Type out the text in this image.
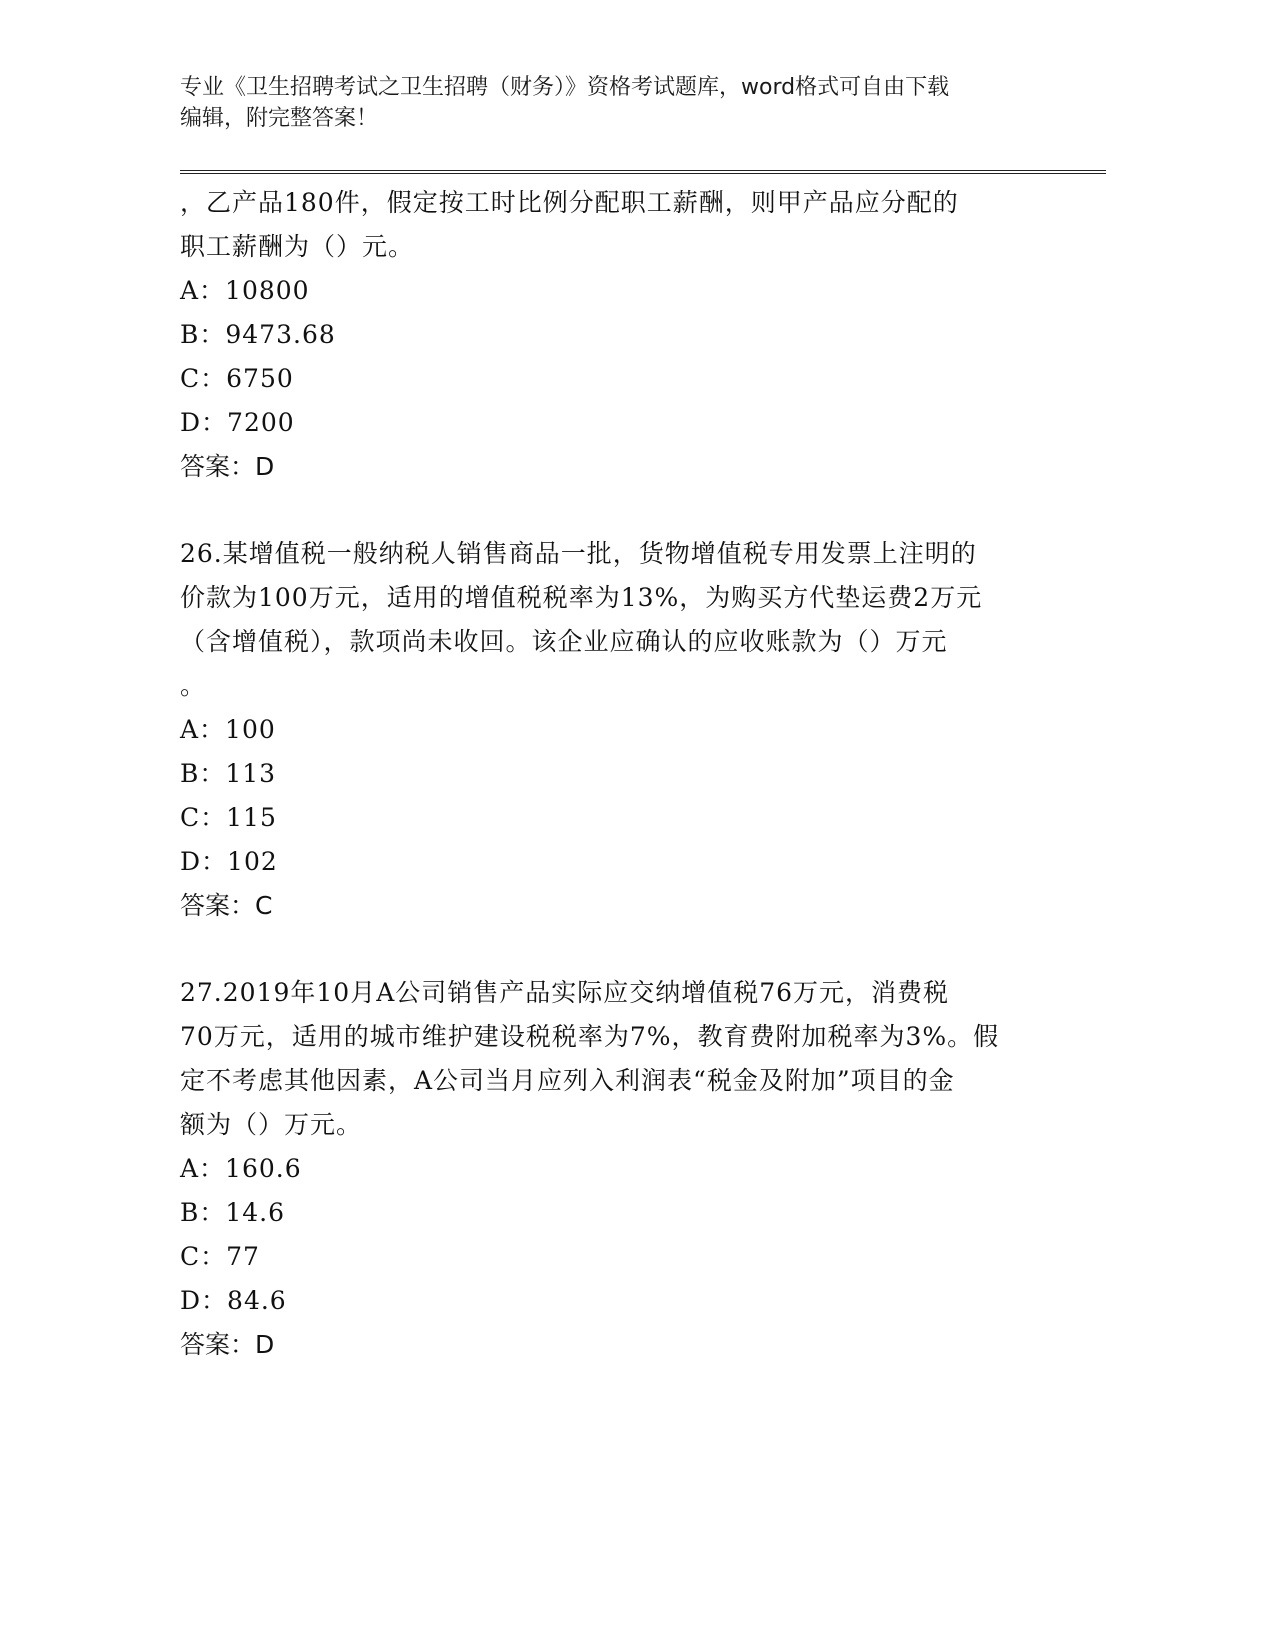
专业《卫生招聘考试之卫生招聘（财务）》资格考试题库，word格式可自由下载
编辑，附完整答案！
，乙产品180件，假定按工时比例分配职工薪酬，则甲产品应分配的
职工薪酬为（）元。
A：10800
B：9473.68
C：6750
D：7200
答案：D
26.某增值税一般纳税人销售商品一批，货物增值税专用发票上注明的
价款为100万元，适用的增值税税率为13%，为购买方代垫运费2万元
（含增值税），款项尚未收回。该企业应确认的应收账款为（）万元
。
A：100
B：113
C：115
D：102
答案：C
27.2019年10月A公司销售产品实际应交纳增值税76万元，消费税
70万元，适用的城市维护建设税税率为7%，教育费附加税率为3%。假
定不考虑其他因素，A公司当月应列入利润表“税金及附加”项目的金
额为（）万元。
A：160.6
B：14.6
C：77
D：84.6
答案：D
